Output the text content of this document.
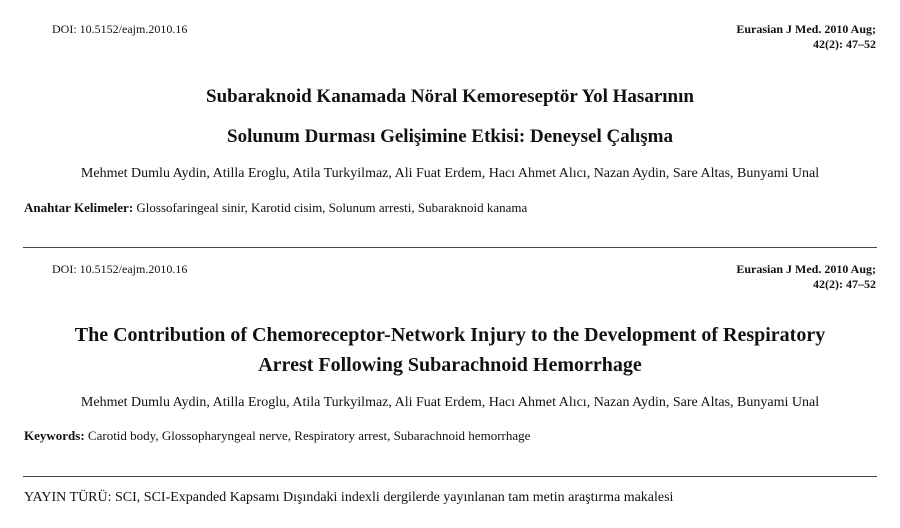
DOI: 10.5152/eajm.2010.16	Eurasian J Med. 2010 Aug;
42(2): 47–52
Subaraknoid Kanamada Nöral Kemoreseptör Yol Hasarının
Solunum Durması Gelişimine Etkisi: Deneysel Çalışma
Mehmet Dumlu Aydin, Atilla Eroglu, Atila Turkyilmaz, Ali Fuat Erdem, Hacı Ahmet Alıcı, Nazan Aydin, Sare Altas, Bunyami Unal
Anahtar Kelimeler: Glossofaringeal sinir, Karotid cisim, Solunum arresti, Subaraknoid kanama
DOI: 10.5152/eajm.2010.16	Eurasian J Med. 2010 Aug;
42(2): 47–52
The Contribution of Chemoreceptor-Network Injury to the Development of Respiratory
Arrest Following Subarachnoid Hemorrhage
Mehmet Dumlu Aydin, Atilla Eroglu, Atila Turkyilmaz, Ali Fuat Erdem, Hacı Ahmet Alıcı, Nazan Aydin, Sare Altas, Bunyami Unal
Keywords: Carotid body, Glossopharyngeal nerve, Respiratory arrest, Subarachnoid hemorrhage
YAYIN TÜRÜ: SCI, SCI-Expanded Kapsamı Dışındaki indexli dergilerde yayınlanan tam metin araştırma makalesi
